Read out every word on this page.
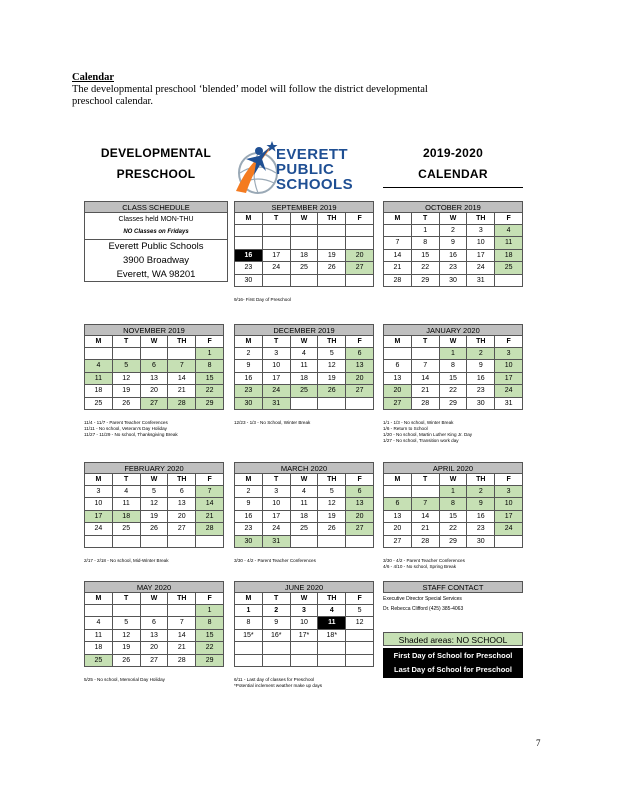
Calendar
The developmental preschool ‘blended’ model will follow the district developmental preschool calendar.
DEVELOPMENTAL
PRESCHOOL
EVERETT
PUBLIC
SCHOOLS
2019-2020
CALENDAR
CLASS SCHEDULE
Classes held MON-THU
NO Classes on Fridays
Everett Public Schools
3900 Broadway
Everett, WA 98201
SEPTEMBER 2019				
M	T	W	TH	F

16	17	18	19	20
23	24	25	26	27
30				
9/16- First Day of Preschool
OCTOBER 2019				
M	T	W	TH	F
	1	2	3	4
7	8	9	10	11
14	15	16	17	18
21	22	23	24	25
28	29	30	31	
NOVEMBER 2019				
M	T	W	TH	F
				1
4	5	6	7	8
11	12	13	14	15
18	19	20	21	22
25	26	27	28	29
11/4 - 11/7 - Parent Teacher Conferences
11/11 - No school, Veteran's Day Holiday
11/27 - 11/29 - No school, Thanksgiving Break
DECEMBER 2019				
M	T	W	TH	F
2	3	4	5	6
9	10	11	12	13
16	17	18	19	20
23	24	25	26	27
30	31			
12/23 - 1/3 - No School, Winter Break
JANUARY 2020				
M	T	W	TH	F
		1	2	3
6	7	8	9	10
13	14	15	16	17
20	21	22	23	24
27	28	29	30	31
1/1 - 1/3 - No school, Winter Break
1/6 - Return to School
1/20 - No school, Martin Luther King Jr. Day
1/27 - No school, Transition work day
FEBRUARY 2020				
M	T	W	TH	F
3	4	5	6	7
10	11	12	13	14
17	18	19	20	21
24	25	26	27	28

2/17 - 2/18 - No school, Mid-Winter Break
MARCH 2020				
M	T	W	TH	F
2	3	4	5	6
9	10	11	12	13
16	17	18	19	20
23	24	25	26	27
30	31			
3/30 - 4/2 - Parent Teacher Conferences
APRIL 2020				
M	T	W	TH	F
		1	2	3
6	7	8	9	10
13	14	15	16	17
20	21	22	23	24
27	28	29	30	
3/30 - 4/2 - Parent Teacher Conferences
4/6 - 4/10 - No school, Spring Break
MAY 2020				
M	T	W	TH	F
				1
4	5	6	7	8
11	12	13	14	15
18	19	20	21	22
25	26	27	28	29
5/25 - No school, Memorial Day Holiday
JUNE 2020				
M	T	W	TH	F
1	2	3	4	5
8	9	10	11	12
15*	16*	17*	18*	

6/11 - Last day of classes for Preschool
*Potential inclement weather make up days
STAFF CONTACT
Executive Director Special Services
Dr. Rebecca Clifford (425) 385-4063
Shaded areas: NO SCHOOL
First Day of School for Preschool
Last Day of School for Preschool
7
